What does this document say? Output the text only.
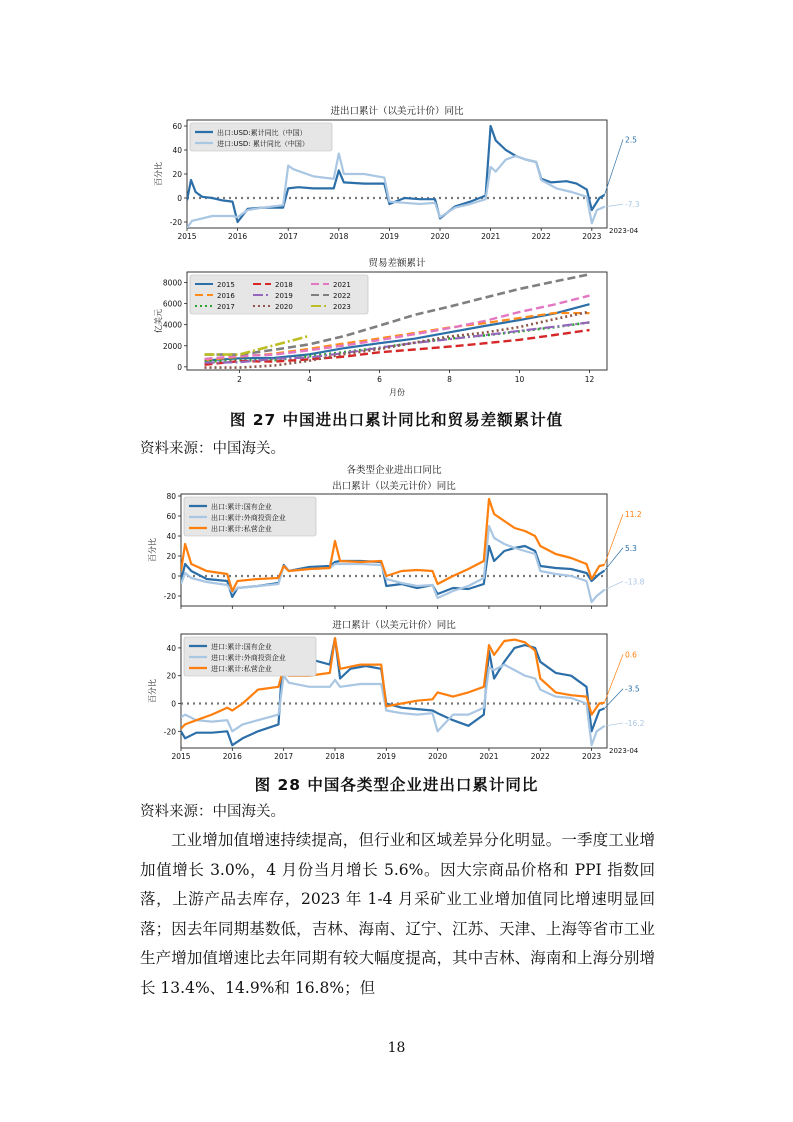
进出口累计（以美元计价）同比
-20
0
20
40
60
百分比
2015	2016	2017	2018	2019	2020	2021	2022	2023
2023-04
2.5
-7.3
出口:USD:累计同比（中国）
进口:USD: 累计同比（中国）
贸易差额累计
0
2000
4000
6000
8000
亿美元
2	4	6	8	10	12
月份
2015
2016
2017
2018
2019
2020
2021
2022
2023
图 27 中国进出口累计同比和贸易差额累计值
资料来源：中国海关。
各类型企业进出口同比
出口累计（以美元计价）同比
-20
0
20
40
60
80
百分比	5.3
-13.8
11.2
出口:累计:国有企业
出口:累计:外商投资企业
出口:累计:私营企业
进口累计（以美元计价）同比
-20
0
20
40
百分比
2015	2016	2017	2018	2019	2020	2021	2022	2023
2023-04
-3.5
-16.2
0.6
进口:累计:国有企业
进口:累计:外商投资企业
进口:累计:私营企业
图 28 中国各类型企业进出口累计同比
资料来源：中国海关。
工业增加值增速持续提高，但行业和区域差异分化明显。一季度工业增加值增长 3.0%，4 月份当月增长 5.6%。因大宗商品价格和 PPI 指数回落，上游产品去库存，2023 年 1-4 月采矿业工业增加值同比增速明显回落；因去年同期基数低，吉林、海南、辽宁、江苏、天津、上海等省市工业生产增加值增速比去年同期有较大幅度提高，其中吉林、海南和上海分别增长 13.4%、14.9%和 16.8%；但
18
